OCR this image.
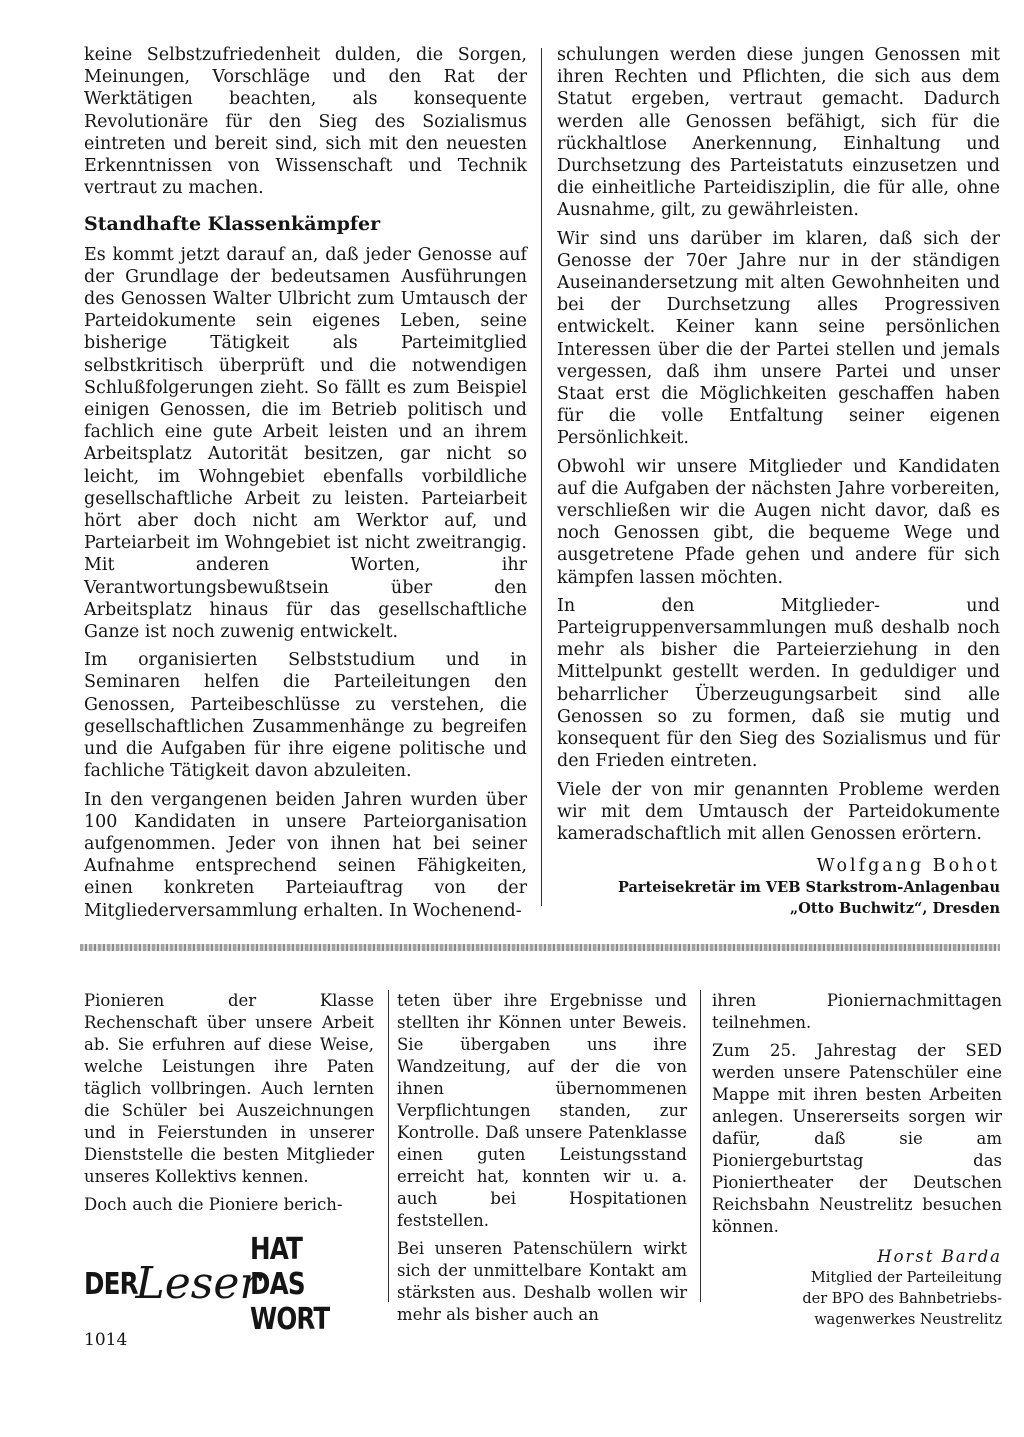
keine Selbstzufriedenheit dulden, die Sorgen, Meinungen, Vorschläge und den Rat der Werktätigen beachten, als konsequente Revolutionäre für den Sieg des Sozialismus eintreten und bereit sind, sich mit den neuesten Erkenntnissen von Wissenschaft und Technik vertraut zu machen.

Standhafte Klassenkämpfer

Es kommt jetzt darauf an, daß jeder Genosse auf der Grundlage der bedeutsamen Ausführungen des Genossen Walter Ulbricht zum Umtausch der Parteidokumente sein eigenes Leben, seine bisherige Tätigkeit als Parteimitglied selbstkritisch überprüft und die notwendigen Schlußfolgerungen zieht. So fällt es zum Beispiel einigen Genossen, die im Betrieb politisch und fachlich eine gute Arbeit leisten und an ihrem Arbeitsplatz Autorität besitzen, gar nicht so leicht, im Wohngebiet ebenfalls vorbildliche gesellschaftliche Arbeit zu leisten. Parteiarbeit hört aber doch nicht am Werktor auf, und Parteiarbeit im Wohngebiet ist nicht zweitrangig. Mit anderen Worten, ihr Verantwortungsbewußtsein über den Arbeitsplatz hinaus für das gesellschaftliche Ganze ist noch zuwenig entwickelt.

Im organisierten Selbststudium und in Seminaren helfen die Parteileitungen den Genossen, Parteibeschlüsse zu verstehen, die gesellschaftlichen Zusammenhänge zu begreifen und die Aufgaben für ihre eigene politische und fachliche Tätigkeit davon abzuleiten.

In den vergangenen beiden Jahren wurden über 100 Kandidaten in unsere Parteiorganisation aufgenommen. Jeder von ihnen hat bei seiner Aufnahme entsprechend seinen Fähigkeiten, einen konkreten Parteiauftrag von der Mitgliederversammlung erhalten. In Wochenend-

schulungen werden diese jungen Genossen mit ihren Rechten und Pflichten, die sich aus dem Statut ergeben, vertraut gemacht. Dadurch werden alle Genossen befähigt, sich für die rückhaltlose Anerkennung, Einhaltung und Durchsetzung des Parteistatuts einzusetzen und die einheitliche Parteidisziplin, die für alle, ohne Ausnahme, gilt, zu gewährleisten.

Wir sind uns darüber im klaren, daß sich der Genosse der 70er Jahre nur in der ständigen Auseinandersetzung mit alten Gewohnheiten und bei der Durchsetzung alles Progressiven entwickelt. Keiner kann seine persönlichen Interessen über die der Partei stellen und jemals vergessen, daß ihm unsere Partei und unser Staat erst die Möglichkeiten geschaffen haben für die volle Entfaltung seiner eigenen Persönlichkeit.

Obwohl wir unsere Mitglieder und Kandidaten auf die Aufgaben der nächsten Jahre vorbereiten, verschließen wir die Augen nicht davor, daß es noch Genossen gibt, die bequeme Wege und ausgetretene Pfade gehen und andere für sich kämpfen lassen möchten.

In den Mitglieder- und Parteigruppenversammlungen muß deshalb noch mehr als bisher die Parteierziehung in den Mittelpunkt gestellt werden. In geduldiger und beharrlicher Überzeugungsarbeit sind alle Genossen so zu formen, daß sie mutig und konsequent für den Sieg des Sozialismus und für den Frieden eintreten.

Viele der von mir genannten Probleme werden wir mit dem Umtausch der Parteidokumente kameradschaftlich mit allen Genossen erörtern.

Wolfgang Bohot
Parteisekretär im VEB Starkstrom-Anlagenbau
„Otto Buchwitz“, Dresden

Pionieren der Klasse Rechenschaft über unsere Arbeit ab. Sie erfuhren auf diese Weise, welche Leistungen ihre Paten täglich vollbringen. Auch lernten die Schüler bei Auszeichnungen und in Feierstunden in unserer Dienststelle die besten Mitglieder unseres Kollektivs kennen.

Doch auch die Pioniere berich-

teten über ihre Ergebnisse und stellten ihr Können unter Beweis. Sie übergaben uns ihre Wandzeitung, auf der die von ihnen übernommenen Verpflichtungen standen, zur Kontrolle. Daß unsere Patenklasse einen guten Leistungsstand erreicht hat, konnten wir u. a. auch bei Hospitationen feststellen.

Bei unseren Patenschülern wirkt sich der unmittelbare Kontakt am stärksten aus. Deshalb wollen wir mehr als bisher auch an

ihren Pioniernachmittagen teilnehmen.

Zum 25. Jahrestag der SED werden unsere Patenschüler eine Mappe mit ihren besten Arbeiten anlegen. Unsererseits sorgen wir dafür, daß sie am Pioniergeburtstag das Pioniertheater der Deutschen Reichsbahn Neustrelitz besuchen können.

Horst Barda
Mitglied der Parteileitung
der BPO des Bahnbetriebs-
wagenwerkes Neustrelitz
DER
Leser
HAT DAS WORT
1014
